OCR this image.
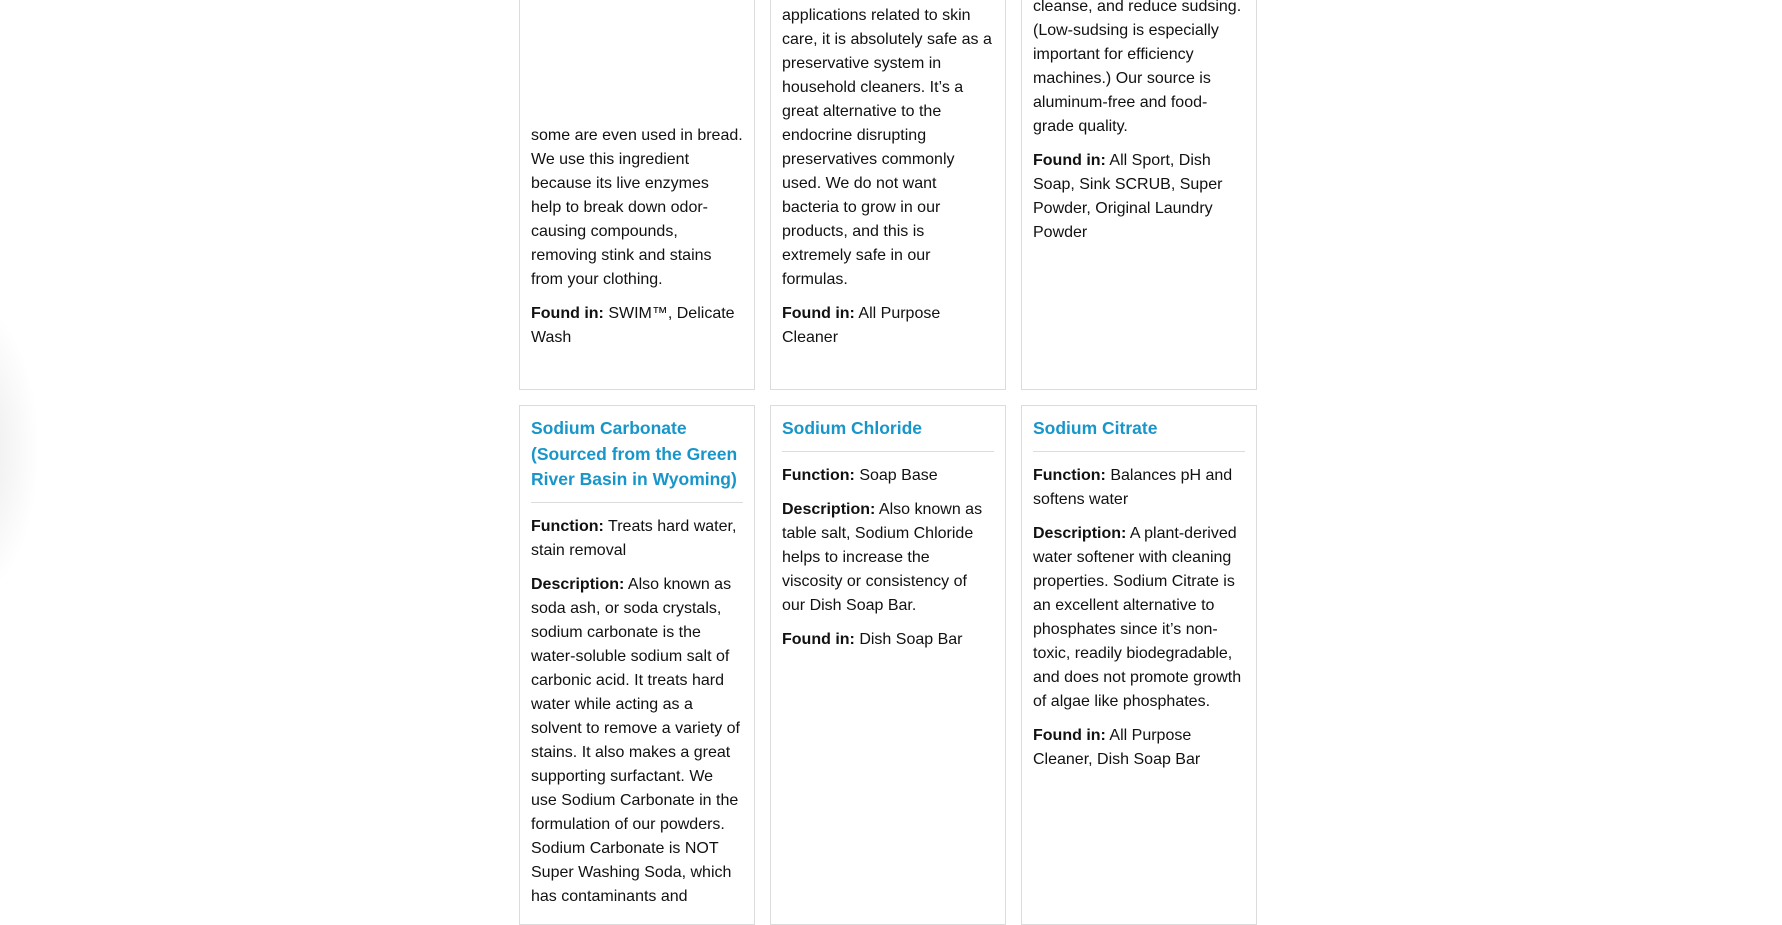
some are even used in bread. We use this ingredient because its live enzymes help to break down odor-causing compounds, removing stink and stains from your clothing.

Found in: SWIM™, Delicate Wash

applications related to skin care, it is absolutely safe as a preservative system in household cleaners. It’s a great alternative to the endocrine disrupting preservatives commonly used. We do not want bacteria to grow in our products, and this is extremely safe in our formulas.

Found in: All Purpose Cleaner

cleanse, and reduce sudsing. (Low-sudsing is especially important for efficiency machines.) Our source is aluminum-free and food-grade quality.

Found in: All Sport, Dish Soap, Sink SCRUB, Super Powder, Original Laundry Powder

Sodium Carbonate (Sourced from the Green River Basin in Wyoming)

Function: Treats hard water, stain removal

Description: Also known as soda ash, or soda crystals, sodium carbonate is the water-soluble sodium salt of carbonic acid. It treats hard water while acting as a solvent to remove a variety of stains. It also makes a great supporting surfactant. We use Sodium Carbonate in the formulation of our powders. Sodium Carbonate is NOT Super Washing Soda, which has contaminants and

Sodium Chloride

Function: Soap Base

Description: Also known as table salt, Sodium Chloride helps to increase the viscosity or consistency of our Dish Soap Bar.

Found in: Dish Soap Bar

Sodium Citrate

Function: Balances pH and softens water

Description: A plant-derived water softener with cleaning properties. Sodium Citrate is an excellent alternative to phosphates since it’s non-toxic, readily biodegradable, and does not promote growth of algae like phosphates.

Found in: All Purpose Cleaner, Dish Soap Bar
